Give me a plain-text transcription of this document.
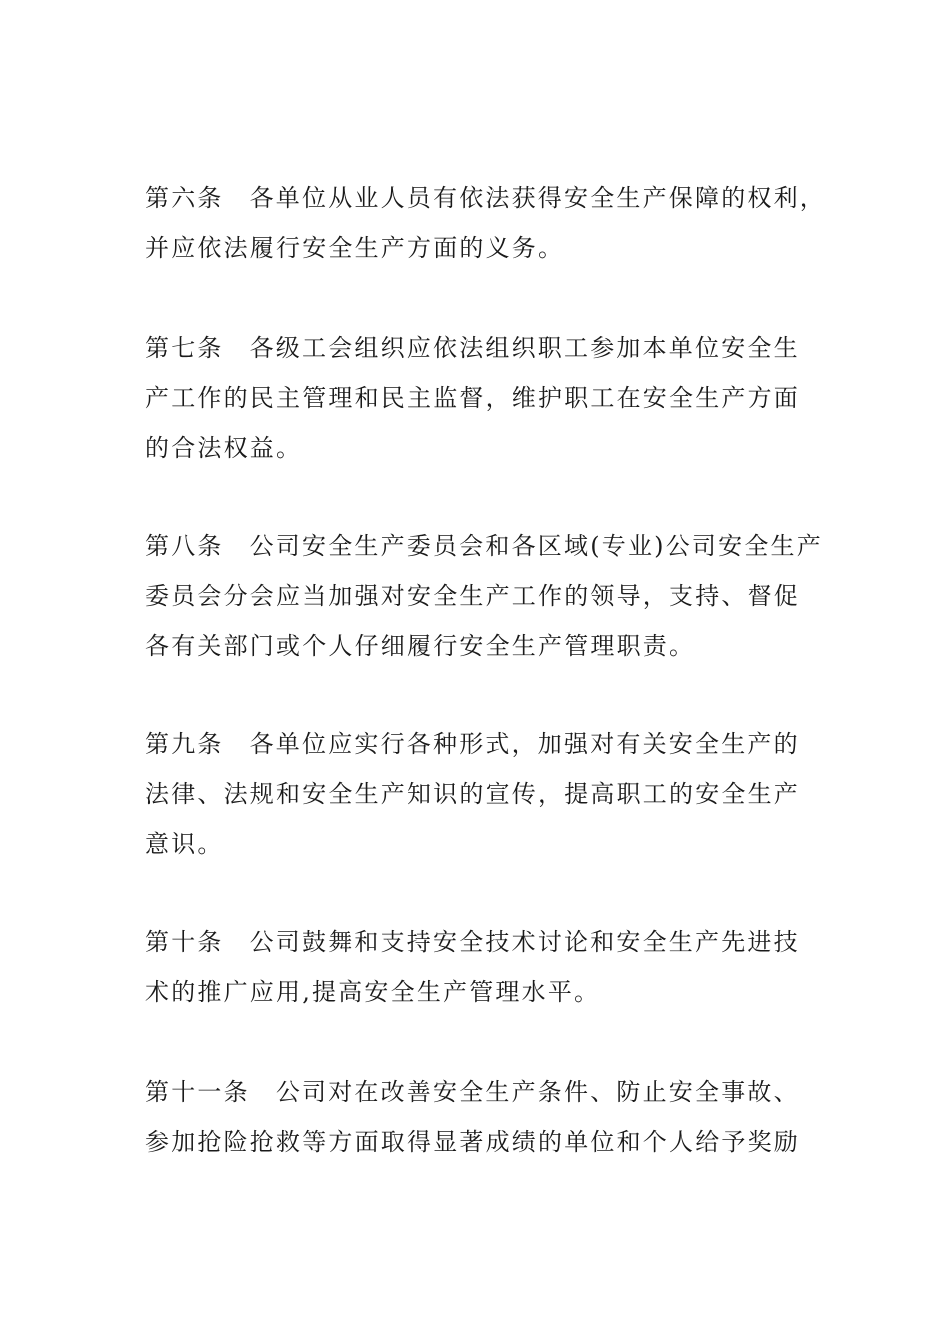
第六条 各单位从业人员有依法获得安全生产保障的权利，
并应依法履行安全生产方面的义务。
第七条 各级工会组织应依法组织职工参加本单位安全生
产工作的民主管理和民主监督，维护职工在安全生产方面
的合法权益。
第八条 公司安全生产委员会和各区域(专业)公司安全生产
委员会分会应当加强对安全生产工作的领导，支持、督促
各有关部门或个人仔细履行安全生产管理职责。
第九条 各单位应实行各种形式，加强对有关安全生产的
法律、法规和安全生产知识的宣传，提高职工的安全生产
意识。
第十条 公司鼓舞和支持安全技术讨论和安全生产先进技
术的推广应用,提高安全生产管理水平。
第十一条 公司对在改善安全生产条件、防止安全事故、
参加抢险抢救等方面取得显著成绩的单位和个人给予奖励
